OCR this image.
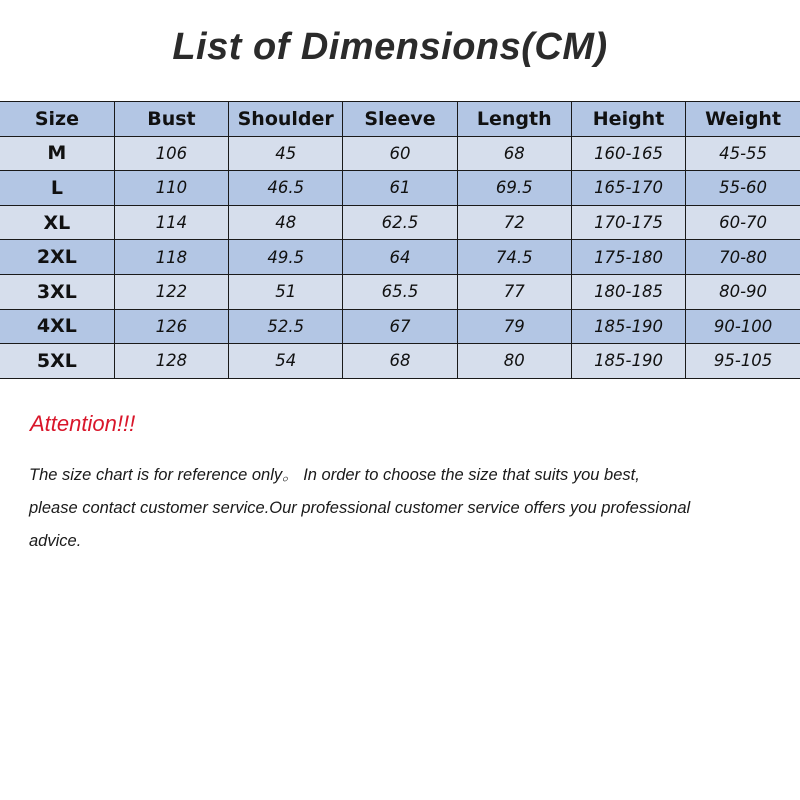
List of Dimensions(CM)
Size	Bust	Shoulder	Sleeve	Length	Height	Weight
M	106	45	60	68	160-165	45-55
L	110	46.5	61	69.5	165-170	55-60
XL	114	48	62.5	72	170-175	60-70
2XL	118	49.5	64	74.5	175-180	70-80
3XL	122	51	65.5	77	180-185	80-90
4XL	126	52.5	67	79	185-190	90-100
5XL	128	54	68	80	185-190	95-105
Attention!!!

The size chart is for reference only。 In order to choose the size that suits you best,

please contact customer service.Our professional customer service offers you professional

advice.
